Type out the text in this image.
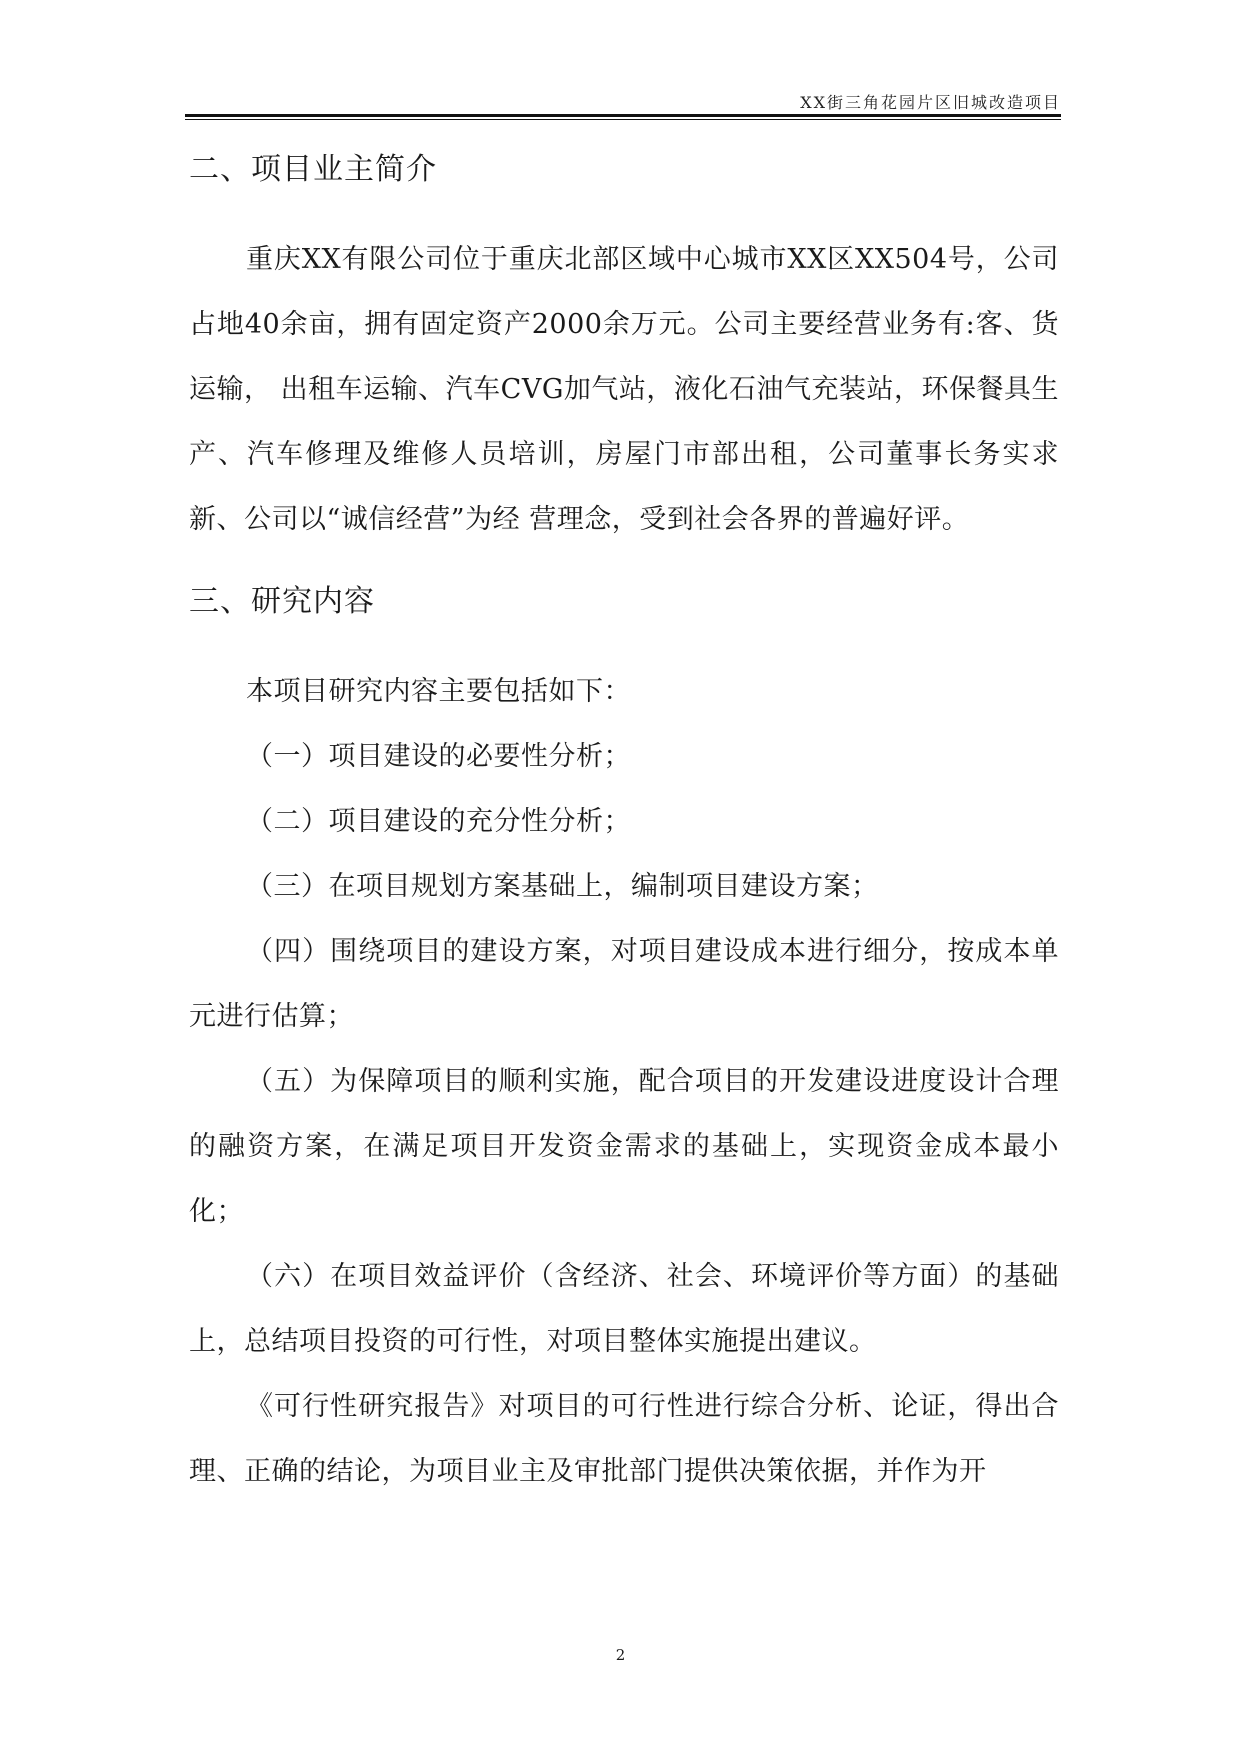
XX街三角花园片区旧城改造项目
二、项目业主简介

重庆XX有限公司位于重庆北部区域中心城市XX区XX504号，公司占地40余亩，拥有固定资产2000余万元。公司主要经营业务有:客、货运输， 出租车运输、汽车CVG加气站，液化石油气充装站，环保餐具生产、汽车修理及维修人员培训，房屋门市部出租，公司董事长务实求新、公司以“诚信经营”为经 营理念，受到社会各界的普遍好评。

三、研究内容

本项目研究内容主要包括如下：

（一）项目建设的必要性分析；

（二）项目建设的充分性分析；

（三）在项目规划方案基础上，编制项目建设方案；

（四）围绕项目的建设方案，对项目建设成本进行细分，按成本单元进行估算；

（五）为保障项目的顺利实施，配合项目的开发建设进度设计合理的融资方案，在满足项目开发资金需求的基础上，实现资金成本最小化；

（六）在项目效益评价（含经济、社会、环境评价等方面）的基础上，总结项目投资的可行性，对项目整体实施提出建议。

《可行性研究报告》对项目的可行性进行综合分析、论证，得出合理、正确的结论，为项目业主及审批部门提供决策依据，并作为开

2
